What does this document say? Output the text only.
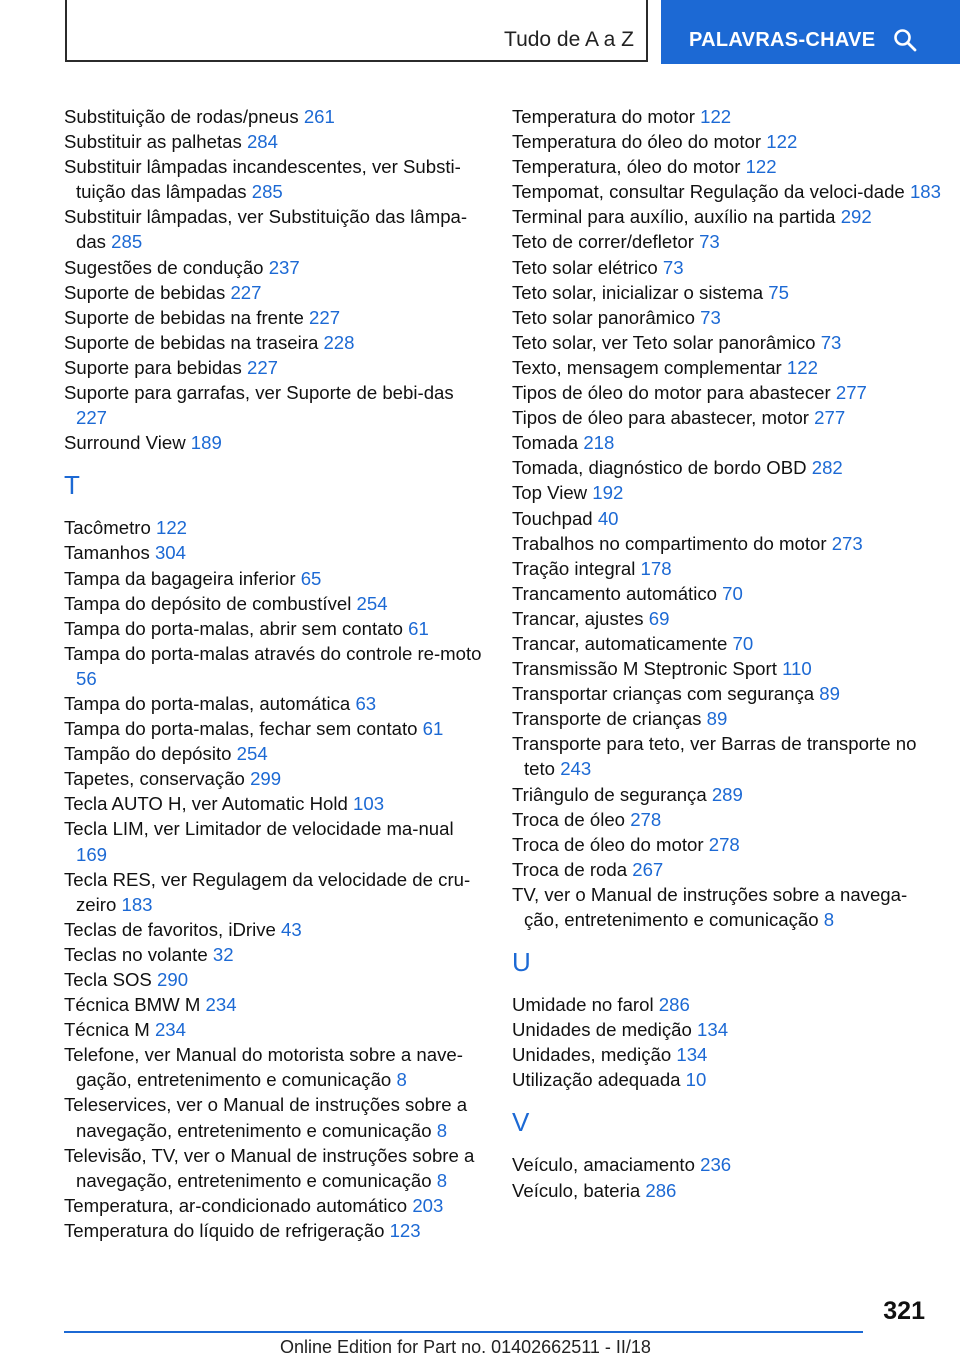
Tudo de A a Z	PALAVRAS-CHAVE
Substituição de rodas/pneus 261
Substituir as palhetas 284
Substituir lâmpadas incandescentes, ver Substi-tuição das lâmpadas 285
Substituir lâmpadas, ver Substituição das lâmpa-das 285
Sugestões de condução 237
Suporte de bebidas 227
Suporte de bebidas na frente 227
Suporte de bebidas na traseira 228
Suporte para bebidas 227
Suporte para garrafas, ver Suporte de bebi-das 227
Surround View 189
T
Tacômetro 122
Tamanhos 304
Tampa da bagageira inferior 65
Tampa do depósito de combustível 254
Tampa do porta-malas, abrir sem contato 61
Tampa do porta-malas através do controle re-moto 56
Tampa do porta-malas, automática 63
Tampa do porta-malas, fechar sem contato 61
Tampão do depósito 254
Tapetes, conservação 299
Tecla AUTO H, ver Automatic Hold 103
Tecla LIM, ver Limitador de velocidade ma-nual 169
Tecla RES, ver Regulagem da velocidade de cru-zeiro 183
Teclas de favoritos, iDrive 43
Teclas no volante 32
Tecla SOS 290
Técnica BMW M 234
Técnica M 234
Telefone, ver Manual do motorista sobre a nave-gação, entretenimento e comunicação 8
Teleservices, ver o Manual de instruções sobre a navegação, entretenimento e comunicação 8
Televisão, TV, ver o Manual de instruções sobre a navegação, entretenimento e comunicação 8
Temperatura, ar-condicionado automático 203
Temperatura do líquido de refrigeração 123
Temperatura do motor 122
Temperatura do óleo do motor 122
Temperatura, óleo do motor 122
Tempomat, consultar Regulação da veloci-dade 183
Terminal para auxílio, auxílio na partida 292
Teto de correr/defletor 73
Teto solar elétrico 73
Teto solar, inicializar o sistema 75
Teto solar panorâmico 73
Teto solar, ver Teto solar panorâmico 73
Texto, mensagem complementar 122
Tipos de óleo do motor para abastecer 277
Tipos de óleo para abastecer, motor 277
Tomada 218
Tomada, diagnóstico de bordo OBD 282
Top View 192
Touchpad 40
Trabalhos no compartimento do motor 273
Tração integral 178
Trancamento automático 70
Trancar, ajustes 69
Trancar, automaticamente 70
Transmissão M Steptronic Sport 110
Transportar crianças com segurança 89
Transporte de crianças 89
Transporte para teto, ver Barras de transporte no teto 243
Triângulo de segurança 289
Troca de óleo 278
Troca de óleo do motor 278
Troca de roda 267
TV, ver o Manual de instruções sobre a navega-ção, entretenimento e comunicação 8
U
Umidade no farol 286
Unidades de medição 134
Unidades, medição 134
Utilização adequada 10
V
Veículo, amaciamento 236
Veículo, bateria 286
321
Online Edition for Part no. 01402662511 - II/18
